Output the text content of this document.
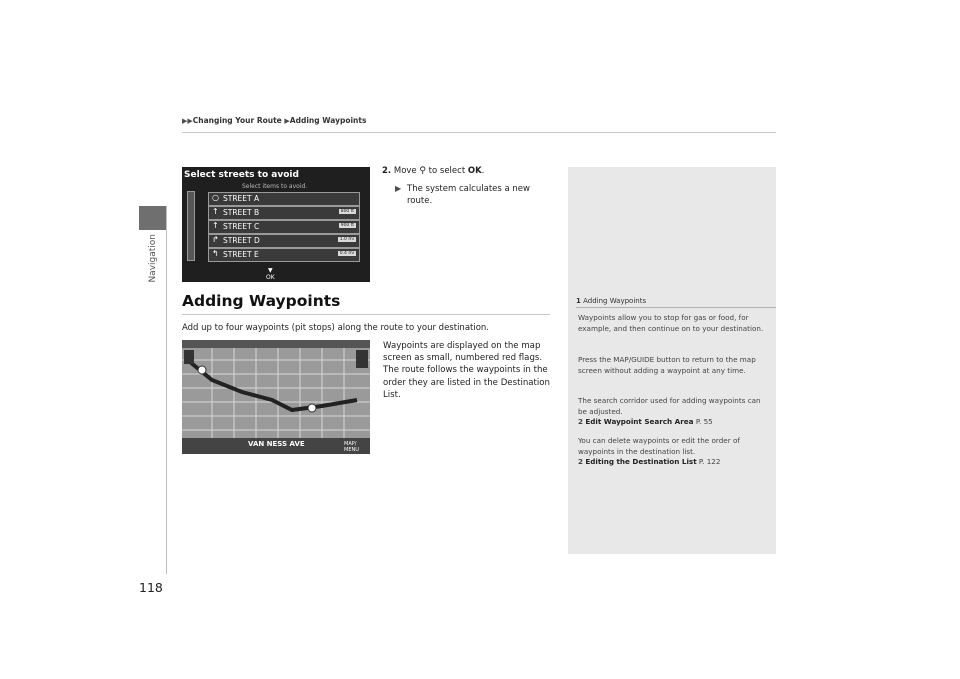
Navigation
▶▶Changing Your Route ▶Adding Waypoints
Select streets to avoid
Select items to avoid.
○ STREET A
↑ STREET B	800 ft
↑ STREET C	900 ft
↱ STREET D	1.0 mi
↰ STREET E	0.4 mi
▼
OK
2. Move ⚲ to select OK.
▶ The system calculates a new route.
Adding Waypoints
Add up to four waypoints (pit stops) along the route to your destination.
VAN NESS AVE	MAP/ MENU
Waypoints are displayed on the map screen as small, numbered red flags. The route follows the waypoints in the order they are listed in the Destination List.
1 Adding Waypoints
Waypoints allow you to stop for gas or food, for example, and then continue on to your destination.
Press the MAP/GUIDE button to return to the map screen without adding a waypoint at any time.
The search corridor used for adding waypoints can be adjusted.
2 Edit Waypoint Search Area P. 55
You can delete waypoints or edit the order of waypoints in the destination list.
2 Editing the Destination List P. 122
118
